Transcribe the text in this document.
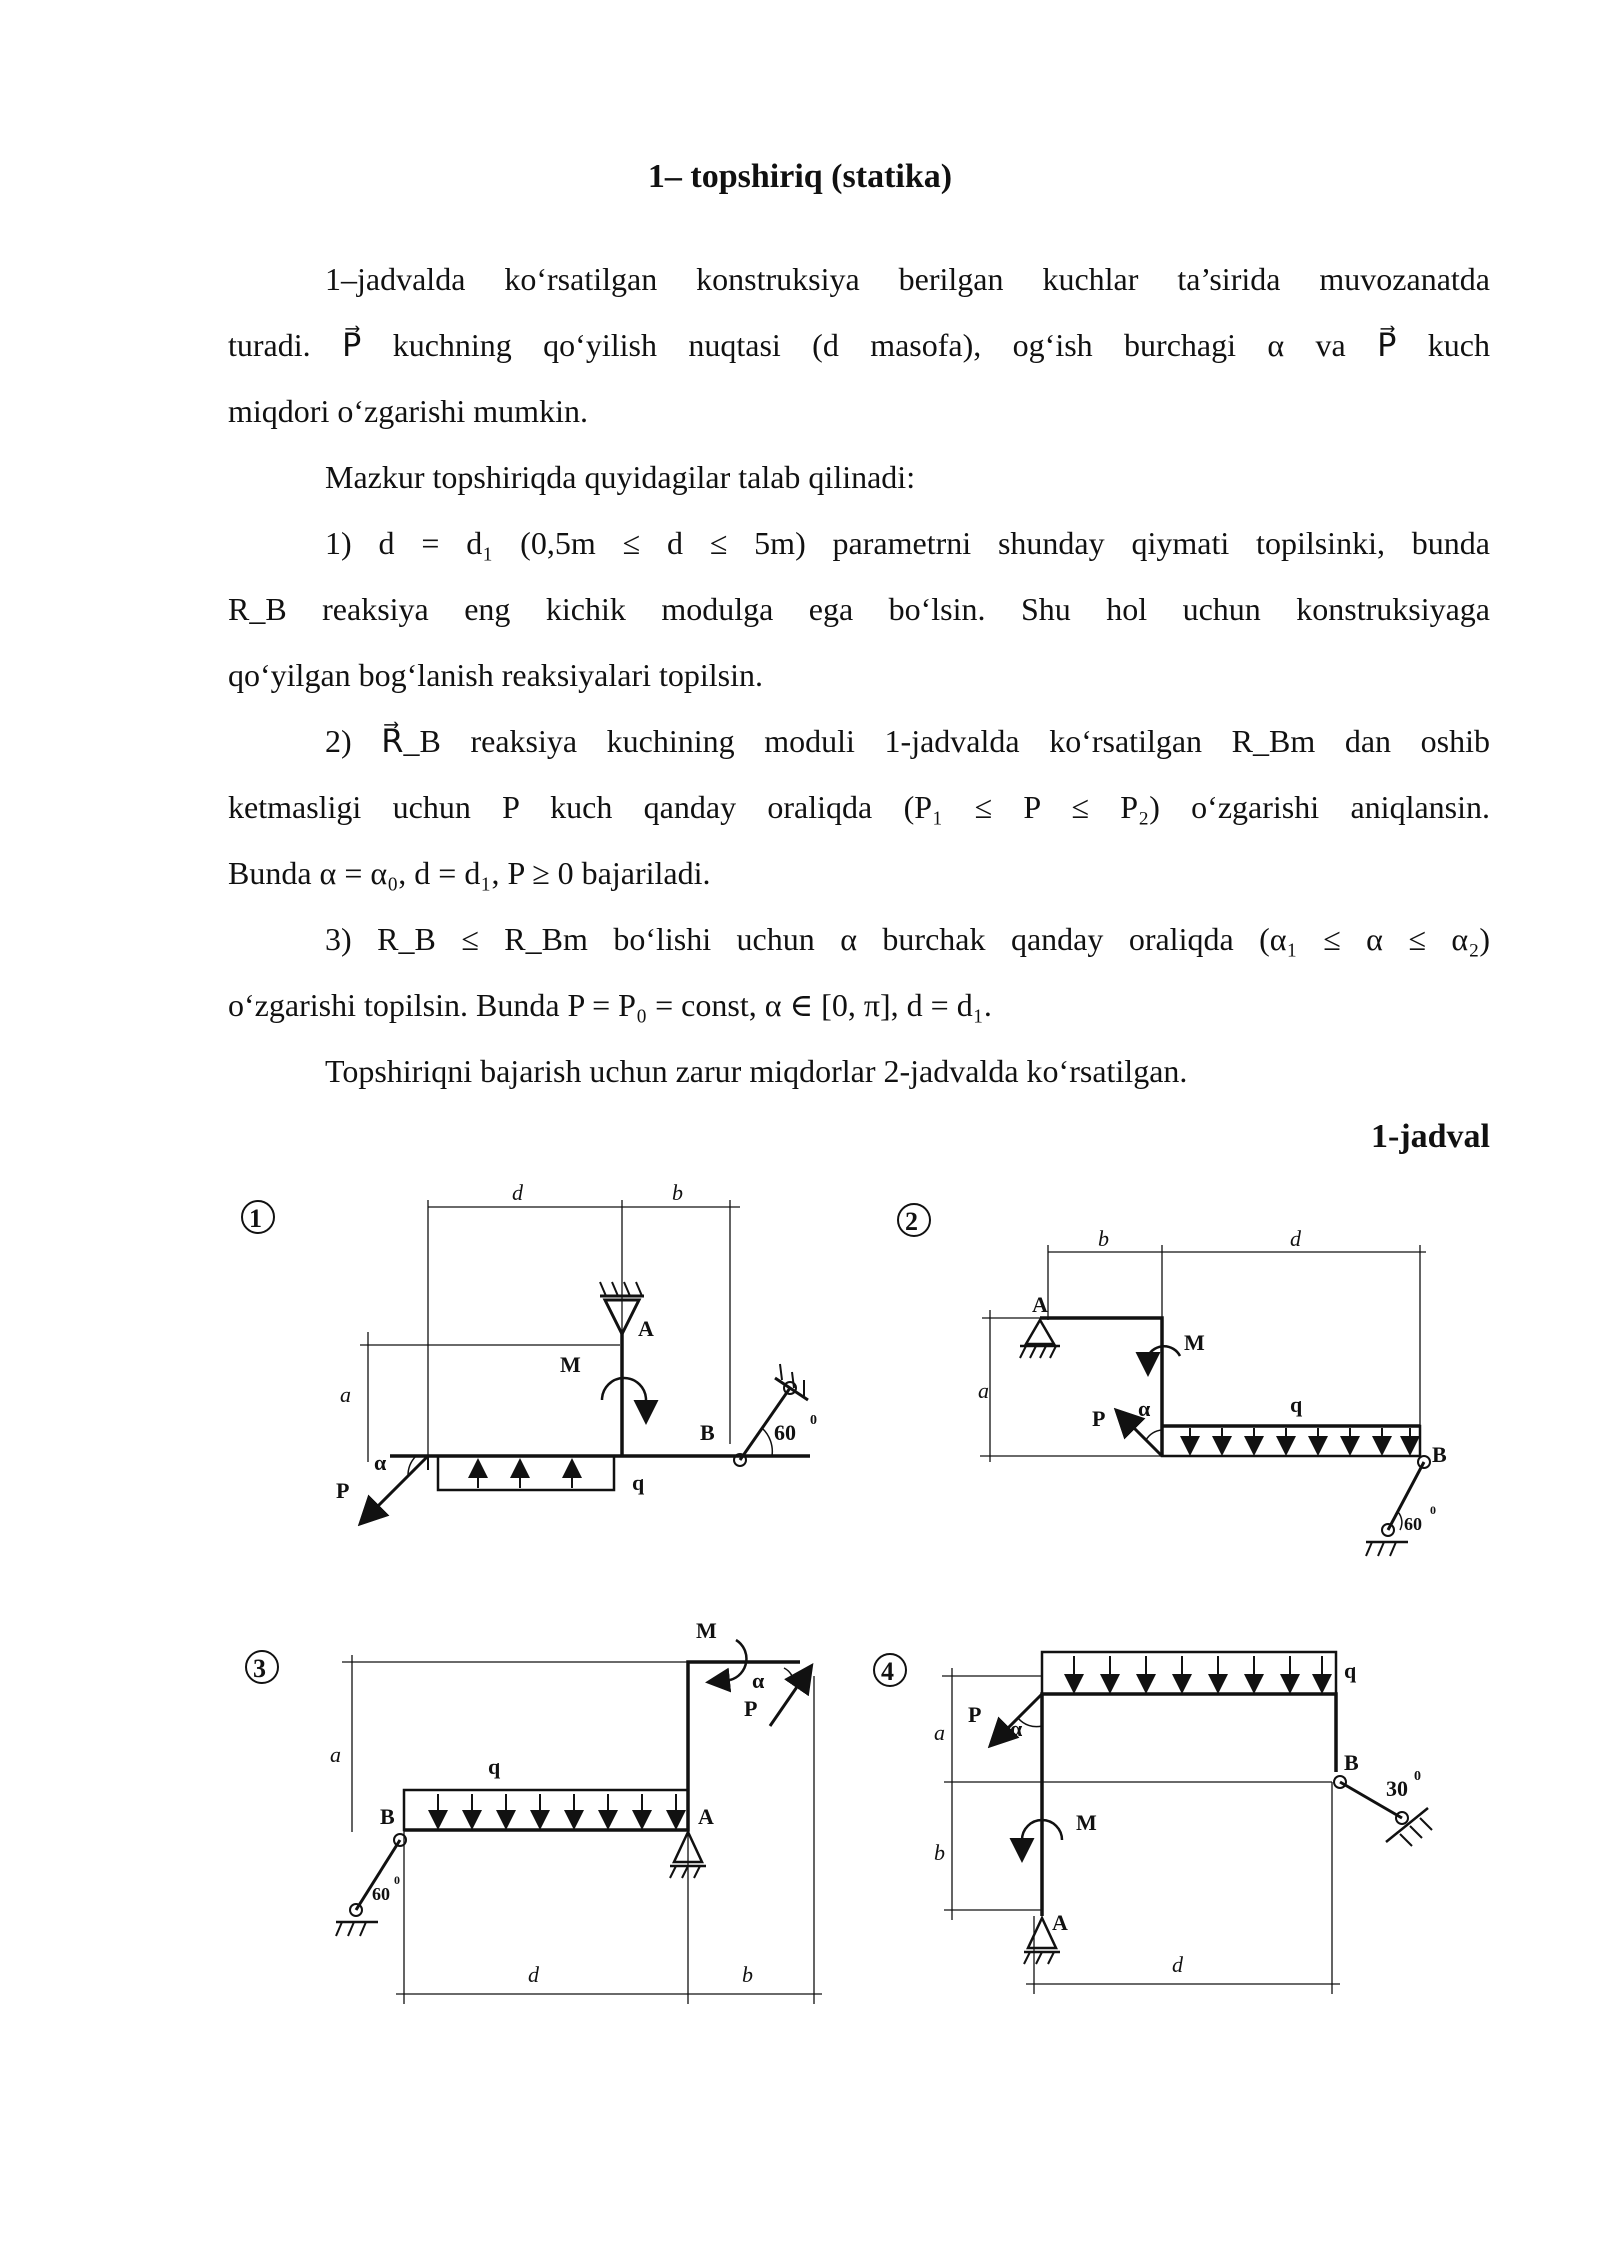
1– topshiriq (statika)
1–jadvalda ko‘rsatilgan konstruksiya berilgan kuchlar ta’sirida muvozanatda
turadi. P⃗ kuchning qo‘yilish nuqtasi (d masofa), og‘ish burchagi α va P⃗ kuch
miqdori o‘zgarishi mumkin.
Mazkur topshiriqda quyidagilar talab qilinadi:
1) d = d₁ (0,5m ≤ d ≤ 5m) parametrni shunday qiymati topilsinki, bunda
R_B reaksiya eng kichik modulga ega bo‘lsin. Shu hol uchun konstruksiyaga
qo‘yilgan bog‘lanish reaksiyalari topilsin.
2) R⃗_B reaksiya kuchining moduli 1-jadvalda ko‘rsatilgan R_Bm dan oshib
ketmasligi uchun P kuch qanday oraliqda (P₁ ≤ P ≤ P₂) o‘zgarishi aniqlansin.
Bunda α = α₀, d = d₁, P ≥ 0 bajariladi.
3) R_B ≤ R_Bm bo‘lishi uchun α burchak qanday oraliqda (α₁ ≤ α ≤ α₂)
o‘zgarishi topilsin. Bunda P = P₀ = const, α ∈ [0, π], d = d₁.
Topshiriqni bajarish uchun zarur miqdorlar 2-jadvalda ko‘rsatilgan.
1-jadval
1
d	b
a
A
M
B
q
P⃗
α
60 0
2
b	d
a
A
M
q
B
P⃗ α
60
0
3
a
d	b
q
B	A
M
P⃗
α
60
0
4
a
b
d
q
B
M
A
P⃗
α
30 0
